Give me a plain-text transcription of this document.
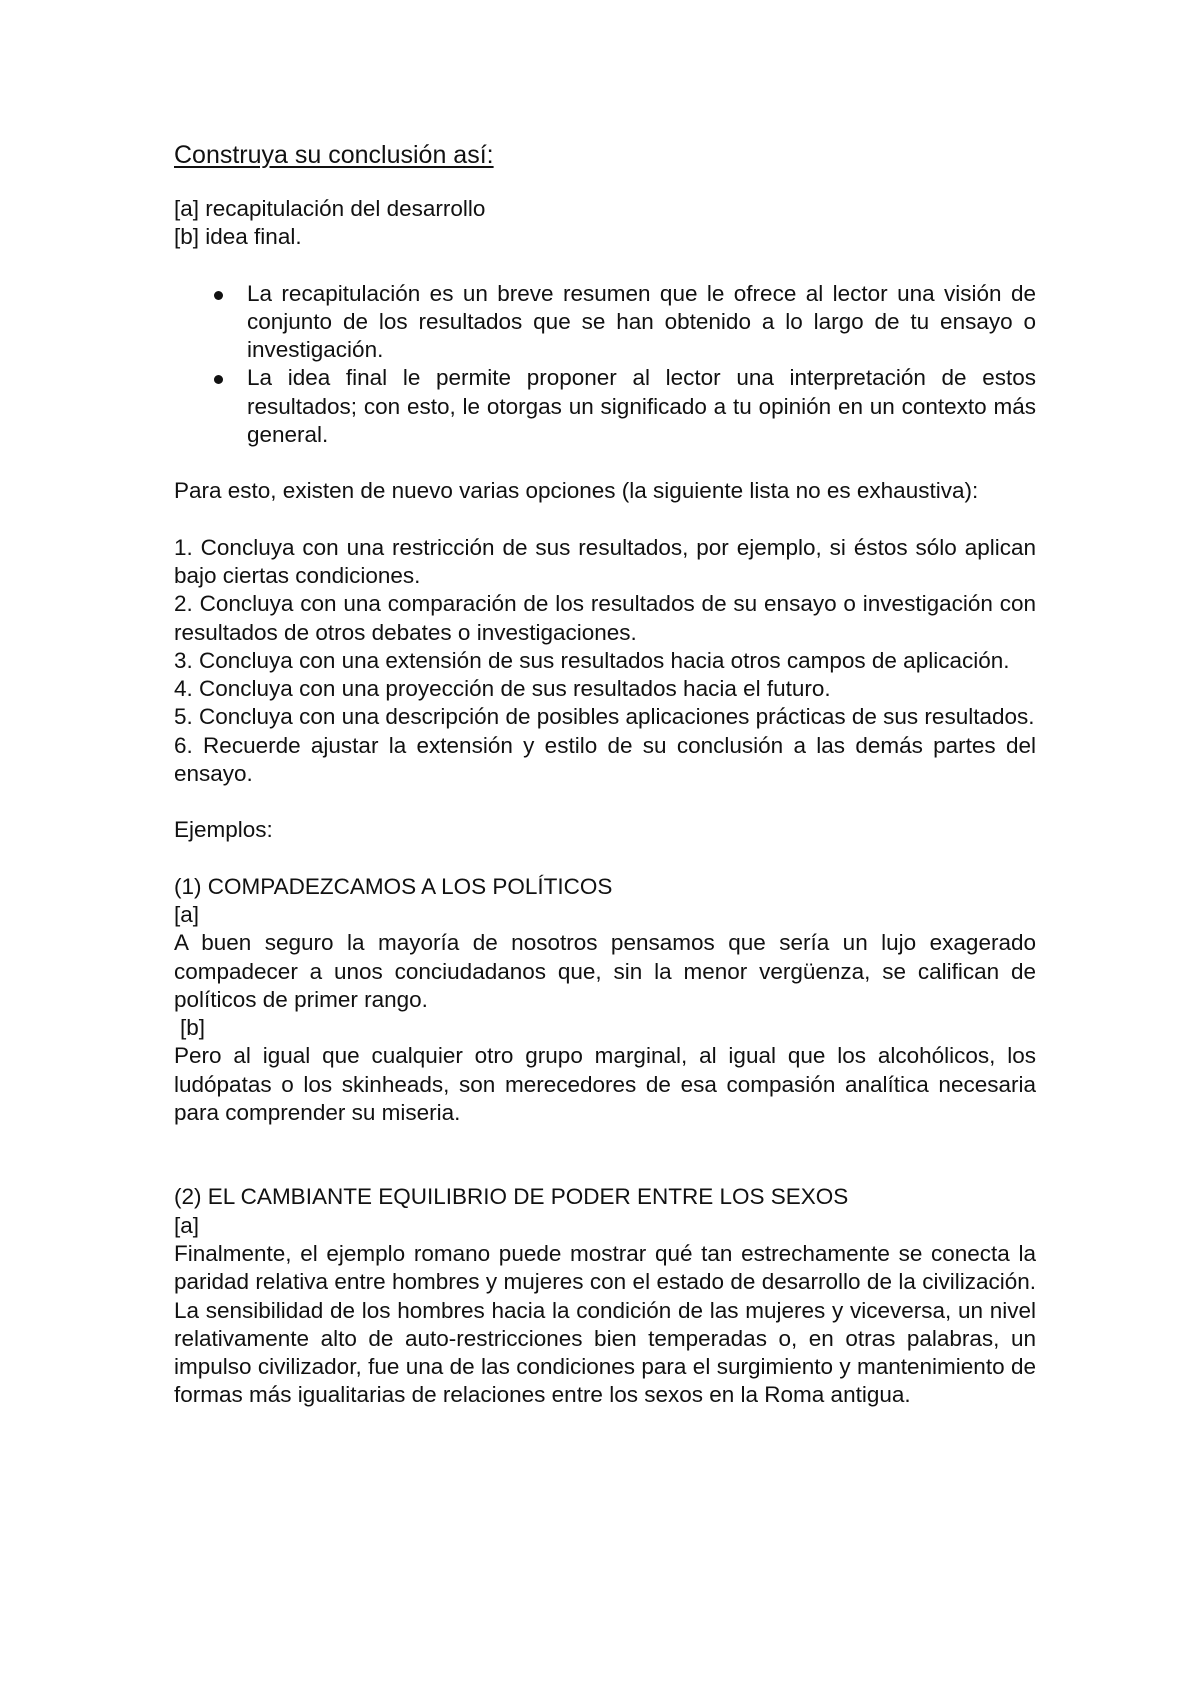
Construya su conclusión así:

[a] recapitulación del desarrollo

[b] idea final.

La recapitulación es un breve resumen que le ofrece al lector una visión de conjunto de los resultados que se han obtenido a lo largo de tu ensayo o investigación.
La idea final le permite proponer al lector una interpretación de estos resultados; con esto, le otorgas un significado a tu opinión en un contexto más general.

Para esto, existen de nuevo varias opciones (la siguiente lista no es exhaustiva):

1. Concluya con una restricción de sus resultados, por ejemplo, si éstos sólo aplican bajo ciertas condiciones.

2. Concluya con una comparación de los resultados de su ensayo o investigación con resultados de otros debates o investigaciones.

3. Concluya con una extensión de sus resultados hacia otros campos de aplicación.

4. Concluya con una proyección de sus resultados hacia el futuro.

5. Concluya con una descripción de posibles aplicaciones prácticas de sus resultados.

6. Recuerde ajustar la extensión y estilo de su conclusión a las demás partes del ensayo.

Ejemplos:

(1) COMPADEZCAMOS A LOS POLÍTICOS

[a]

A buen seguro la mayoría de nosotros pensamos que sería un lujo exagerado compadecer a unos conciudadanos que, sin la menor vergüenza, se califican de políticos de primer rango.

[b]

Pero al igual que cualquier otro grupo marginal, al igual que los alcohólicos, los ludópatas o los skinheads, son merecedores de esa compasión analítica necesaria para comprender su miseria.

(2) EL CAMBIANTE EQUILIBRIO DE PODER ENTRE LOS SEXOS

[a]

Finalmente, el ejemplo romano puede mostrar qué tan estrechamente se conecta la paridad relativa entre hombres y mujeres con el estado de desarrollo de la civilización. La sensibilidad de los hombres hacia la condición de las mujeres y viceversa, un nivel relativamente alto de auto-restricciones bien temperadas o, en otras palabras, un impulso civilizador, fue una de las condiciones para el surgimiento y mantenimiento de formas más igualitarias de relaciones entre los sexos en la Roma antigua.
